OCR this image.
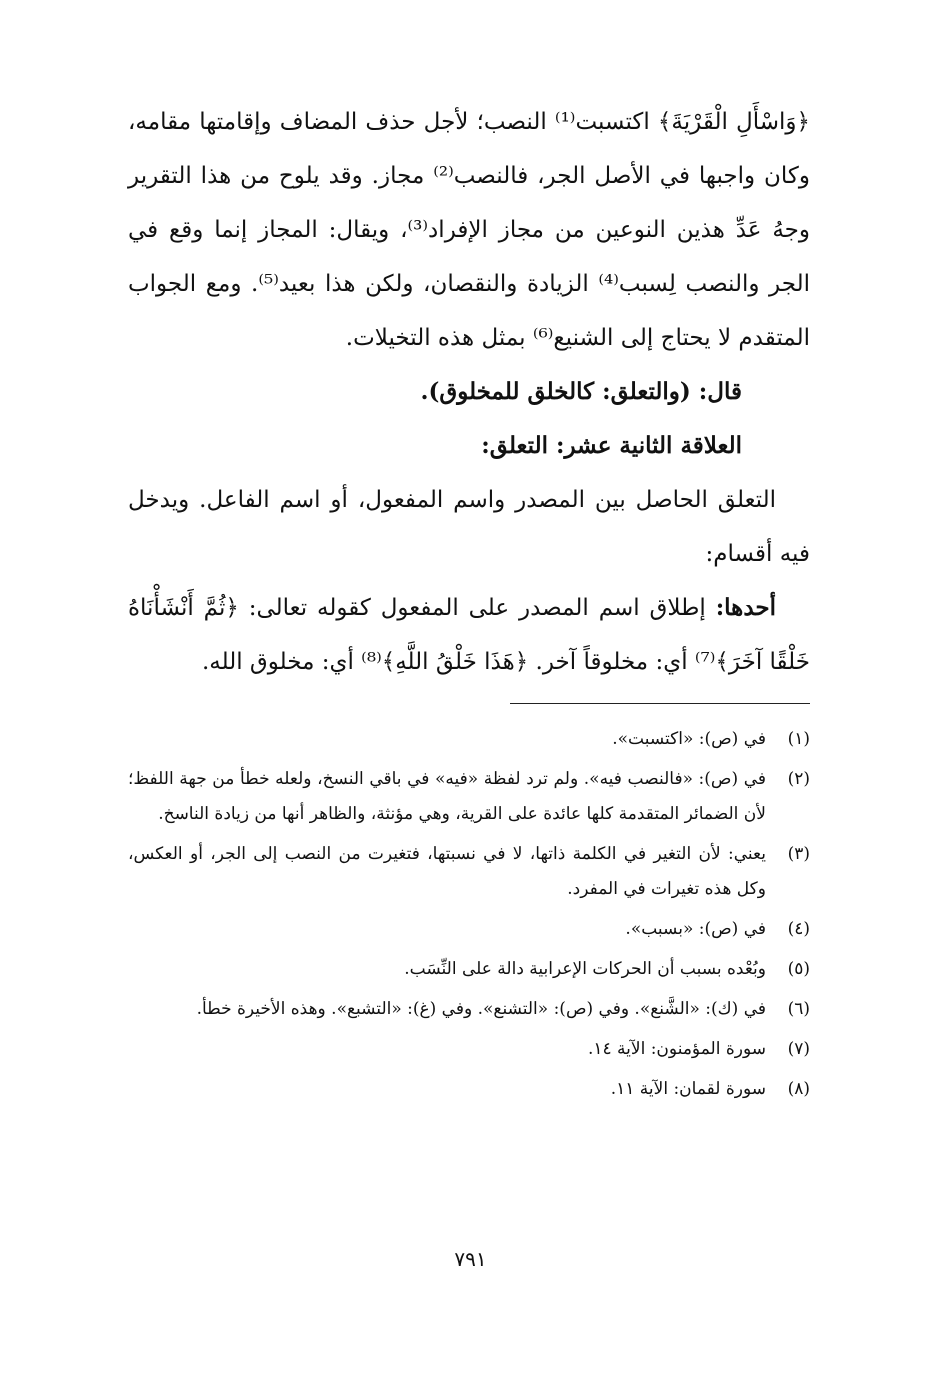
﴿وَاسْأَلِ الْقَرْيَةَ﴾ اكتسبت⁽¹⁾ النصب؛ لأجل حذف المضاف وإقامتها مقامه، وكان واجبها في الأصل الجر، فالنصب⁽²⁾ مجاز. وقد يلوح من هذا التقرير وجهُ عَدِّ هذين النوعين من مجاز الإفراد⁽³⁾، ويقال: المجاز إنما وقع في الجر والنصب لِسبب⁽⁴⁾ الزيادة والنقصان، ولكن هذا بعيد⁽⁵⁾. ومع الجواب المتقدم لا يحتاج إلى الشنيع⁽⁶⁾ بمثل هذه التخيلات.

قال: (والتعلق: كالخلق للمخلوق).

العلاقة الثانية عشر: التعلق:

التعلق الحاصل بين المصدر واسم المفعول، أو اسم الفاعل. ويدخل فيه أقسام:

أحدها: إطلاق اسم المصدر على المفعول كقوله تعالى: ﴿ثُمَّ أَنْشَأْنَاهُ خَلْقًا آخَرَ﴾⁽⁷⁾ أي: مخلوقاً آخر. ﴿هَذَا خَلْقُ اللَّهِ﴾⁽⁸⁾ أي: مخلوق الله.

(١)
في (ص): «اكتسبت».
(٢)
في (ص): «فالنصب فيه». ولم ترد لفظة «فيه» في باقي النسخ، ولعله خطأ من جهة اللفظ؛ لأن الضمائر المتقدمة كلها عائدة على القرية، وهي مؤنثة، والظاهر أنها من زيادة الناسخ.
(٣)
يعني: لأن التغير في الكلمة ذاتها، لا في نسبتها، فتغيرت من النصب إلى الجر، أو العكس، وكل هذه تغيرات في المفرد.
(٤)
في (ص): «بسبب».
(٥)
وبُعْده بسبب أن الحركات الإعرابية دالة على النِّسَب.
(٦)
في (ك): «الشَّنع». وفي (ص): «التشنع». وفي (غ): «التشبع». وهذه الأخيرة خطأ.
(٧)
سورة المؤمنون: الآية ١٤.
(٨)
سورة لقمان: الآية ١١.
٧٩١
